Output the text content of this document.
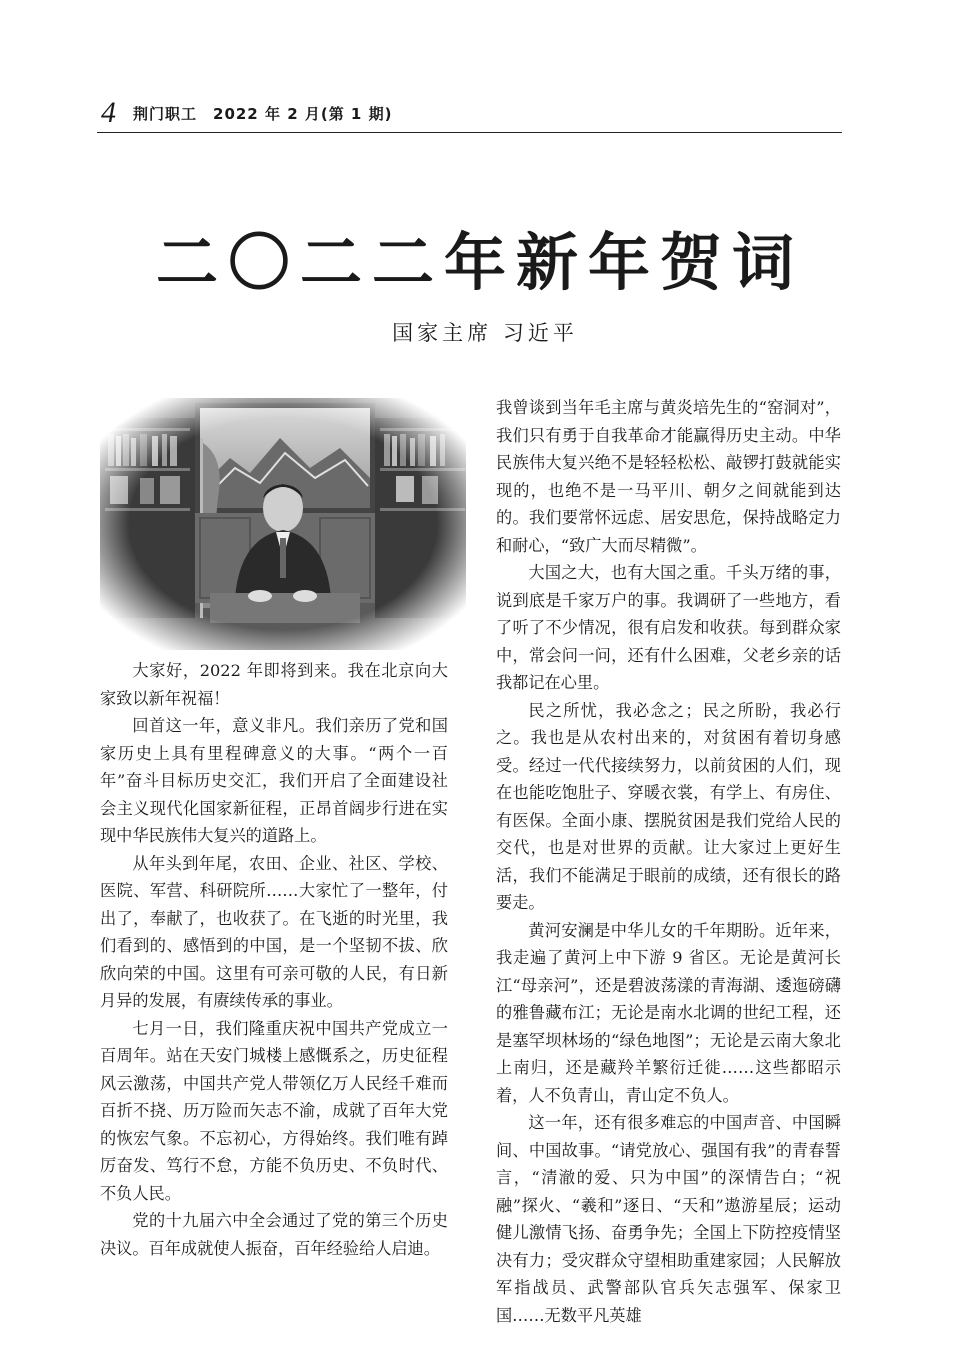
4 荆门职工　2022 年 2 月(第 1 期)
二〇二二年新年贺词
国家主席 习近平

大家好，2022 年即将到来。我在北京向大家致以新年祝福！

回首这一年，意义非凡。我们亲历了党和国家历史上具有里程碑意义的大事。“两个一百年”奋斗目标历史交汇，我们开启了全面建设社会主义现代化国家新征程，正昂首阔步行进在实现中华民族伟大复兴的道路上。

从年头到年尾，农田、企业、社区、学校、医院、军营、科研院所……大家忙了一整年，付出了，奉献了，也收获了。在飞逝的时光里，我们看到的、感悟到的中国，是一个坚韧不拔、欣欣向荣的中国。这里有可亲可敬的人民，有日新月异的发展，有赓续传承的事业。

七月一日，我们隆重庆祝中国共产党成立一百周年。站在天安门城楼上感慨系之，历史征程风云激荡，中国共产党人带领亿万人民经千难而百折不挠、历万险而矢志不渝，成就了百年大党的恢宏气象。不忘初心，方得始终。我们唯有踔厉奋发、笃行不怠，方能不负历史、不负时代、不负人民。

党的十九届六中全会通过了党的第三个历史决议。百年成就使人振奋，百年经验给人启迪。

我曾谈到当年毛主席与黄炎培先生的“窑洞对”，我们只有勇于自我革命才能赢得历史主动。中华民族伟大复兴绝不是轻轻松松、敲锣打鼓就能实现的，也绝不是一马平川、朝夕之间就能到达的。我们要常怀远虑、居安思危，保持战略定力和耐心，“致广大而尽精微”。

大国之大，也有大国之重。千头万绪的事，说到底是千家万户的事。我调研了一些地方，看了听了不少情况，很有启发和收获。每到群众家中，常会问一问，还有什么困难，父老乡亲的话我都记在心里。

民之所忧，我必念之；民之所盼，我必行之。我也是从农村出来的，对贫困有着切身感受。经过一代代接续努力，以前贫困的人们，现在也能吃饱肚子、穿暖衣裳，有学上、有房住、有医保。全面小康、摆脱贫困是我们党给人民的交代，也是对世界的贡献。让大家过上更好生活，我们不能满足于眼前的成绩，还有很长的路要走。

黄河安澜是中华儿女的千年期盼。近年来，我走遍了黄河上中下游 9 省区。无论是黄河长江“母亲河”，还是碧波荡漾的青海湖、逶迤磅礴的雅鲁藏布江；无论是南水北调的世纪工程，还是塞罕坝林场的“绿色地图”；无论是云南大象北上南归，还是藏羚羊繁衍迁徙……这些都昭示着，人不负青山，青山定不负人。

这一年，还有很多难忘的中国声音、中国瞬间、中国故事。“请党放心、强国有我”的青春誓言，“清澈的爱、只为中国”的深情告白；“祝融”探火、“羲和”逐日、“天和”遨游星辰；运动健儿激情飞扬、奋勇争先；全国上下防控疫情坚决有力；受灾群众守望相助重建家园；人民解放军指战员、武警部队官兵矢志强军、保家卫国……无数平凡英雄
